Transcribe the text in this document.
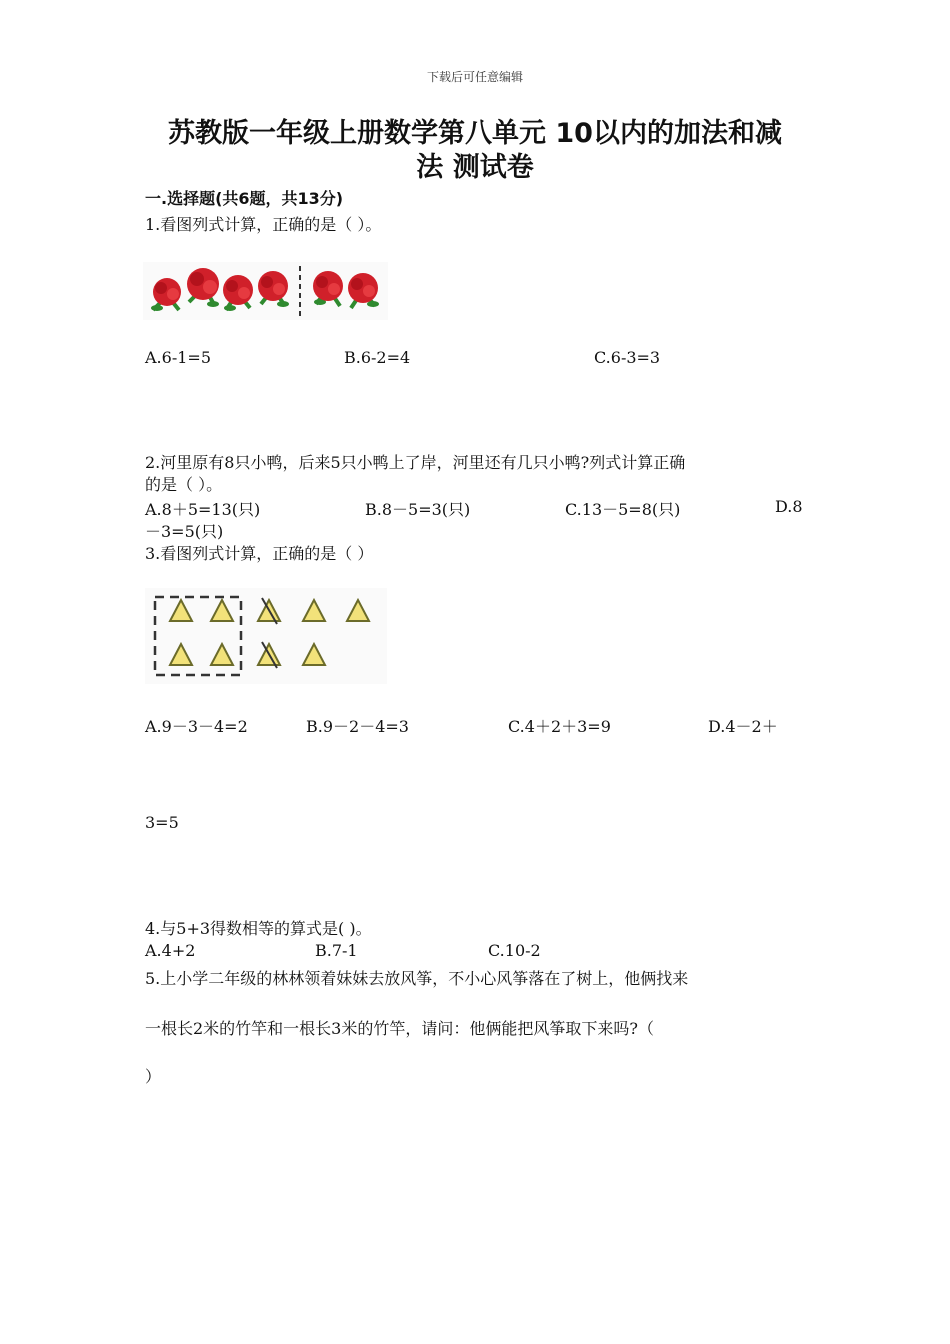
下载后可任意编辑
苏教版一年级上册数学第八单元 10以内的加法和减
法 测试卷
一.选择题(共6题，共13分)
1.看图列式计算，正确的是（ ）。
A.6-1=5	B.6-2=4	C.6-3=3
2.河里原有8只小鸭，后来5只小鸭上了岸，河里还有几只小鸭?列式计算正确
的是（ ）。
A.8＋5=13(只)	B.8－5=3(只)	C.13－5=8(只)	D.8
－3=5(只)
3.看图列式计算，正确的是（ ）
A.9－3－4=2	B.9－2－4=3	C.4＋2＋3=9	D.4－2＋
3=5
4.与5+3得数相等的算式是( )。
A.4+2	B.7-1	C.10-2
5.上小学二年级的林林领着妹妹去放风筝，不小心风筝落在了树上，他俩找来
一根长2米的竹竿和一根长3米的竹竿，请问：他俩能把风筝取下来吗?（
）
